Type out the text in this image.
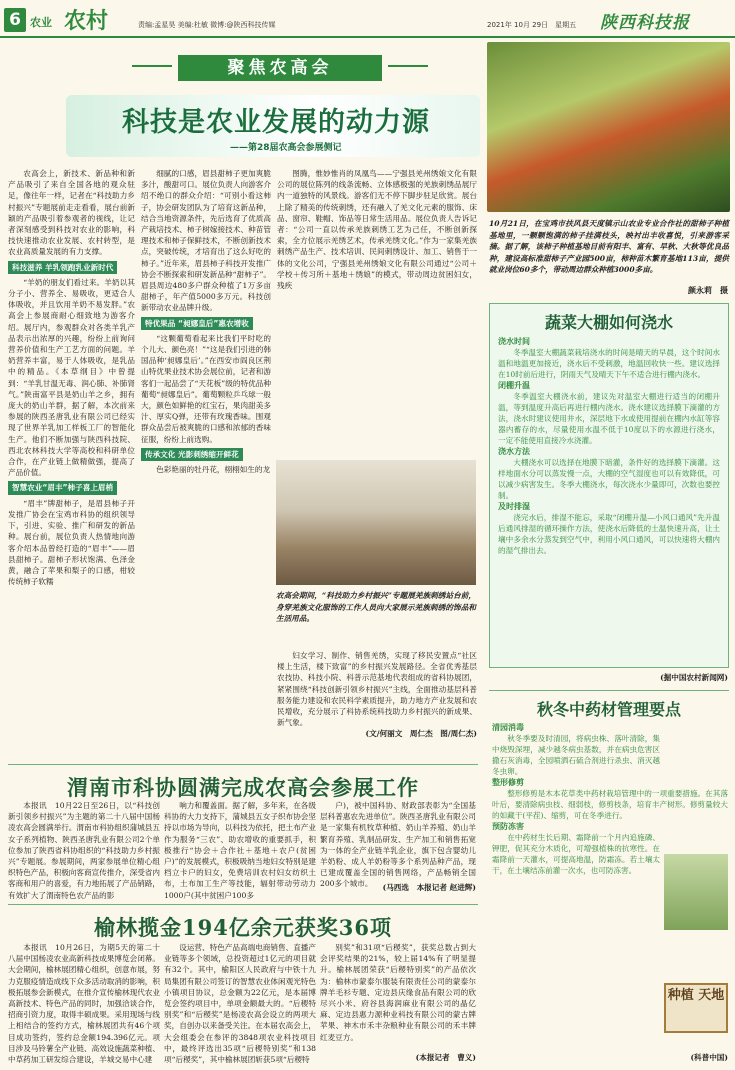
6 农业 农村	责编:孟星昊 美编:杜敏 微博:@陕西科技传媒	2021年 10月 29日　星期五 陕西科技报
聚焦农高会
科技是农业发展的动力源
——第28届农高会参展侧记

农高会上，新技术、新品种和新产品吸引了来自全国各地的观众驻足，像往年一样，记者在“科技助力乡村振兴”专题展前走走看看，展台前新颖的产品吸引着参观者的视线，让记者深刻感受到科技对农业的影响，科技快速推动农业发展、农村转型，是农业高质量发展的有力支撑。

科技滋养 羊乳领跑乳业新时代

“羊奶的朋友们看过来。羊奶以其分子小、营养全、易吸收，更适合人体吸收，并且饮用羊奶不易发胖。”农高会上参展商耐心细致地为游客介绍。展厅内，参观群众对各类羊乳产品表示出浓厚的兴趣，纷纷上前询问营养价值和生产工艺方面的问题。羊奶营养丰富，易于人体吸收，是乳品中的精品。《本草纲目》中曾提到：“羊乳甘温无毒、润心肺、补肺肾气。”陕南富平县是奶山羊之乡，拥有庞大的奶山羊群，据了解，本次前来参展的陕西圣唐乳业有限公司已经实现了世界羊乳加工样板工厂的智能化生产。他们不断加强与陕西科技院、西北农林科技大学等高校和科研单位合作，在产业链上做精做强，提高了产品价值。

智慧农业“眉丰”柿子喜上眉梢

“眉丰”牌甜柿子，是眉县柿子开发推广协会在宝鸡市科协的组织领导下，引进、实验、推广和研发的新品种。展台前，展位负责人热情地向游客介绍本品曾经打造的“眉丰”——眉县甜柿子。甜柿子形状饱满、色泽金黄，融合了苹果和梨子的口感，柑较传统柿子软糯

细腻的口感，眉县甜柿子更加爽脆多汁，酸甜可口。展位负责人向游客介绍不绝口的群众介绍：“可别小看这柿子，协会研发团队为了培育这新品种，结合当地资源条件，先后选育了优质高产栽培技术、柿子树嫁接技术、种苗管理技术和柿子保鲜技术，不断创新技术点，突破传统，才培育出了这么好吃的柿子。”近年来，眉县柿子科技开发推广协会不断探索和研发新品种“甜柿子”。眉县周边480多户群众种植了1万多亩甜柿子，年产值5000多万元。科技创新带动农业品牌升级。

特优果品 “昶娜皇后”惠农增收

“这颗葡萄看起来比我们平时吃的个儿大、颜色亮！”“这是我们引进的韩国品种‘昶娜皇后’。”在西安市阎良区荆山特优果业技术协会展位前，记者和游客们一起品尝了“天花板”级的特优品种葡萄“昶娜皇后”。葡萄颗粒乒乓球一般大，颜色如鲜艳的红宝石，果肉甜美多汁、厚实Q弹，还带有玫瑰香味。围观群众品尝后被爽脆的口感和浓郁的香味征服，纷纷上前选购。

传承文化 光影刺绣缩开鲜花

色彩艳丽的牡丹花，栩栩如生的龙

图腾，惟妙惟肖的凤凰鸟——宁强县羌州绣娘文化有限公司的展位陈列的线条流畅、立体感极强的羌族刺绣品展厅内一道独特的风景线。游客们无不停下脚步驻足欣赏。展台上除了精美的传统刺绣，还有融入了羌文化元素的服饰、床品、窗帘、鞋帽、饰品等日常生活用品。展位负责人告诉记者：“公司一直以传承羌族刺绣工艺为己任，不断创新探索，全方位展示羌绣艺术，传承羌绣文化。”作为一家集羌族刺绣产品生产、技术培训、民间刺绣设计、加工、销售于一体的文化公司，宁强县羌州绣娘文化有限公司通过“公司＋学校＋传习所＋基地＋绣娘”的模式，带动周边贫困妇女，残疾

农高会期间，“科技助力乡村振兴”专题展羌族刺绣站台前，身穿羌族文化服饰的工作人员向大家展示羌族刺绣的饰品和生活用品。

妇女学习、制作、销售羌绣，实现了移民安置点“社区楼上生活，楼下致富”的乡村振兴发展路径。全省优秀基层农技协、科技小院、科普示范基地代表组成的省科协展团，紧紧围绕“科技创新引领乡村振兴”主线，全面推动基层科普服务能力建设和农民科学素质提升，助力地方产业发展和农民增收，充分展示了科协系统科技助力乡村振兴的新成果、新气象。

(文/何丽文　周仁杰　图/周仁杰)
10月21日，在宝鸡市扶风县天度镇示山农业专业合作社的甜柿子种植基地里，一颗颗饱满的柿子挂满枝头，映衬出丰收喜悦，引来游客采摘。据了解，该柿子种植基地目前有阳丰、富有、早秋、大秋等优良品种，建设高标准甜柿子产业园500亩，柿种苗木繁育基地113亩，提供就业岗位60多个，带动周边群众种植3000多亩。
颜永莉　摄
蔬菜大棚如何浇水
浇水时间

冬季温室大棚蔬菜栽培浇水的时间是晴天的早晨，这个时间水温和地温更加接近，浇水后不受刺激，地温回收快一些。建议选择在10时前后进行，阴雨天气及晴天下午不适合进行棚内浇水。

闭棚升温

冬季温室大棚浇水前，建议先对温室大棚进行适当的闭棚升温，等到温度升高后再进行棚内浇水。浇水建议选择膜下滴灌的方法，浇水时建议使用井水，深层地下水或使用提前在棚内水缸等容器内蓄存的水，尽量使用水温不低于10度以下的水源进行浇水，一定不能使用直接冷水浇灌。

浇水方法

大棚浇水可以选择在地膜下暗灌，条件好的选择膜下滴灌。这样地面水分可以蒸发慢一点，大棚的空气湿度也可以有效降低，可以减少病害发生。冬季大棚浇水，每次浇水少量即可，次数也要控制。

及时排湿

浇完水后，排湿不能忘，采取“闭棚升温—小风口通风”先升温后通风排湿的循环操作方法，使浇水后降低的土温快速升高，让土壤中多余水分蒸发到空气中，利用小风口通风，可以快速将大棚内的湿气排出去。

(掘中国农村新闻网)
渭南市科协圆满完成农高会参展工作

本报讯　10月22日至26日，以“科技创新引领乡村振兴”为主题的第二十八届中国杨凌农高会圆满举行。渭南市科协组织蒲城县五女子系列植物、陕西圣唐乳业有限公司2个单位参加了陕西省科协组织的“科技助力乡村振兴”专题展。参展期间，两家参展单位精心组织特色产品，积极向客商宣传推介，深受省内客商和用户的喜爱，有力地拓展了产品销路，有效扩大了渭南特色农产品的影

响力和覆盖面。据了解，多年来，在各级科协的大力支持下，蒲城县五女子织布协会坚持以市场为导向，以科技为依托，把土布产业作为服务“三农”、助农增收的重要抓手，积极推行“协会＋合作社＋基地＋农户(贫困户)”的发展模式，积极吸纳当地妇女特别是建档立卡户的妇女，免费培训农村妇女纺织土布，土布加工生产等技能，辐射带动劳动力1000户(其中贫困户100多

户)，被中国科协、财政部表彰为“全国基层科普惠农先进单位”。陕西圣唐乳业有限公司是一家集有机牧草种植、奶山羊养殖、奶山羊繁育养殖、乳制品研发、生产加工和销售拓宽为一体的全产业链羊乳企业，旗下包含婴幼儿羊奶粉、成人羊奶粉等多个系列品种产品，现已建成覆盖全国的销售网络，产品畅销全国200多个城市。	(马西选　本报记者 赵进辉)
榆林揽金194亿余元获奖36项

本报讯　10月26日，为期5天的第二十八届中国杨凌农业高新科技成果博览会闭幕。大会期间，榆林展团精心组织，创意布展，努力克服疫情造成线下众多活动取消的影响，积极拓展参会新模式，在推介宣传榆林现代农业高新技术、特色产品的同时，加强洽谈合作，招商引资力度，取得丰硕成果。采用现场与线上相结合的签约方式，榆林展团共有46个项目成功签约，签约总金额194.396亿元。项目涉及马铃薯全产业链、高效设施蔬菜种植、中草药加工研发综合建设，羊城交易中心建

设运营、特色产品高端电商销售、直播产业链等多个领域，总投资超过1亿元的项目就有32个。其中，榆阳区人民政府与中铁十九局集团有限公司签订的智慧农业体闲观光特色小镇项目协议，总金额为22亿元，是本届博览会签约项目中，单项金额最大的。“后稷特别奖”和“后稷奖”是杨凌农高会设立的两项大奖，自创办以来备受关注。在本届农高会上，大会组委会在参评的3848项农业科技项目中，最终评选出35项“后稷特别奖”和138项“后稷奖”，其中榆林展团斩获5项“后稷特

别奖”和31项“后稷奖”，获奖总数占到大会评奖结果的21%，较上届14%有了明显提升。榆林展团荣获“后稷特别奖”的产品依次为：榆林市蒙泰尔服装有限责任公司的蒙泰尔牌羊毛衫专题、定边县庆缘食品有限公司的欣尽兴小米、府谷县海润麻业有限公司的晶亿麻、定边县惠力源种业科技有限公司的蒙古牌苹果、神木市禾丰杂粮种业有限公司的禾丰牌红麦豆方。

(本报记者　曹义)
秋冬中药材管理要点
清园消毒

秋冬季要及时清园，将病虫株、落叶清除，集中烧毁深埋，减少越冬病虫基数，并在病虫危害区撒石灰消毒，全园喷洒石硫合剂进行杀虫、消灭越冬虫卵。

整形修剪

整形修剪是木本花草类中药材栽培管理中的一项重要措施。在其落叶后，要清除病虫枝、细弱枝，修剪枝条，培育丰产树形。修剪量较大的如藏干(平茬)、缩剪，可在冬季进行。

预防冻害

在中药材生长后期、霜降前一个月内追施磷、钾肥，促其充分木质化，可增强植株的抗寒性。在霜降前一天灌水，可提高地温，防霜冻。若土壤太干，在土壤结冻前灌一次水，也可防冻害。

种植 天地
(科普中国)
